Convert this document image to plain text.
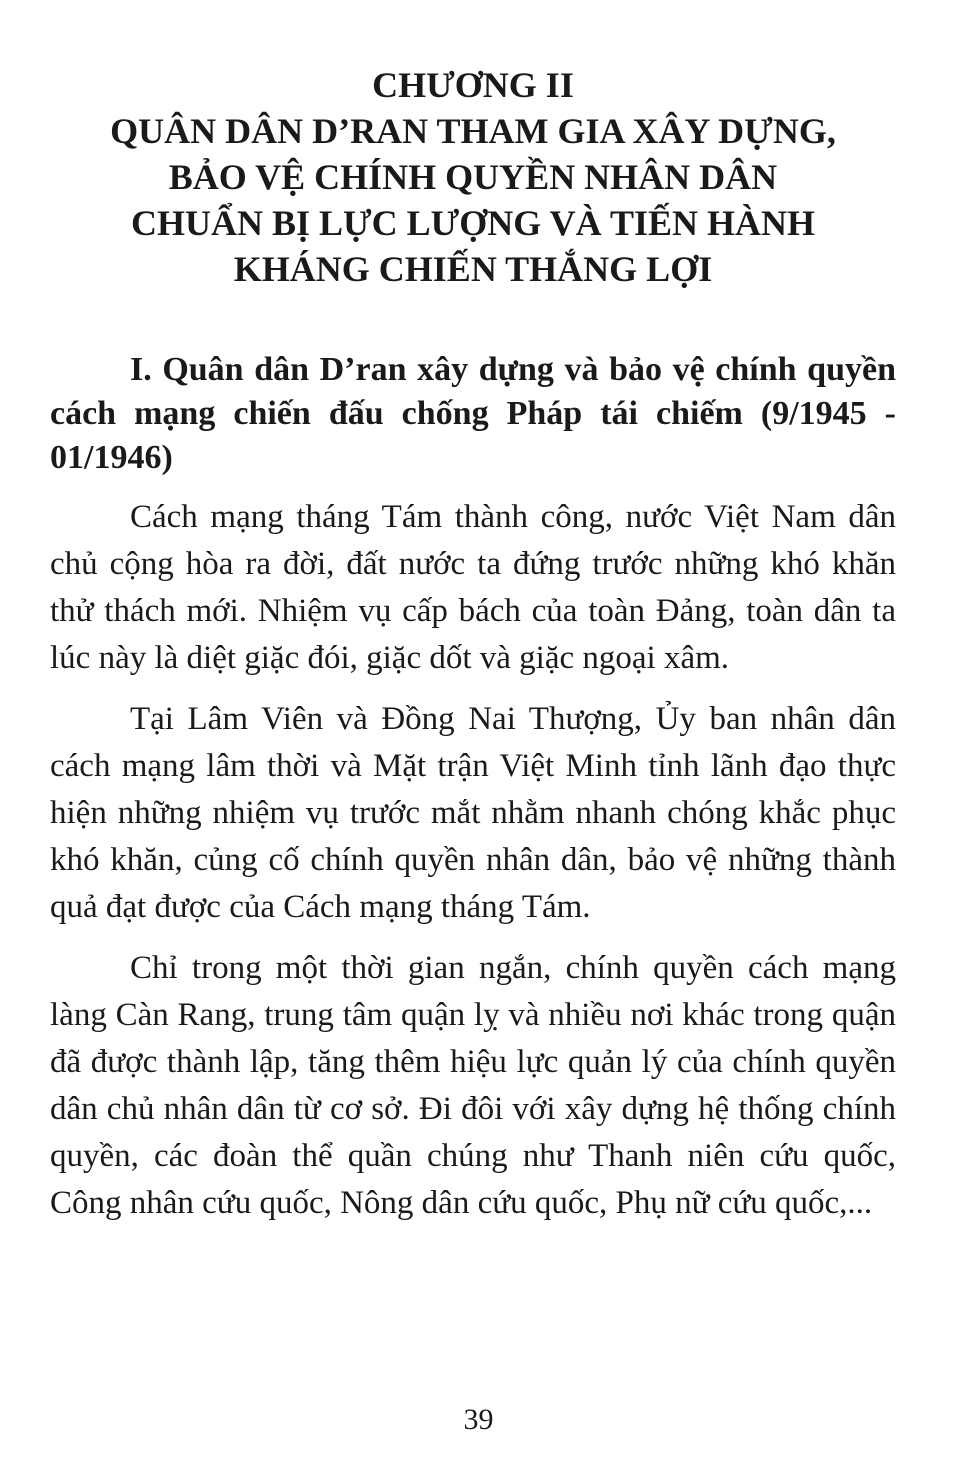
CHƯƠNG II
QUÂN DÂN D’RAN THAM GIA XÂY DỰNG,
BẢO VỆ CHÍNH QUYỀN NHÂN DÂN
CHUẨN BỊ LỰC LƯỢNG VÀ TIẾN HÀNH
KHÁNG CHIẾN THẮNG LỢI
I. Quân dân D’ran xây dựng và bảo vệ chính quyền cách mạng chiến đấu chống Pháp tái chiếm (9/1945 - 01/1946)

Cách mạng tháng Tám thành công, nước Việt Nam dân chủ cộng hòa ra đời, đất nước ta đứng trước những khó khăn thử thách mới. Nhiệm vụ cấp bách của toàn Đảng, toàn dân ta lúc này là diệt giặc đói, giặc dốt và giặc ngoại xâm.

Tại Lâm Viên và Đồng Nai Thượng, Ủy ban nhân dân cách mạng lâm thời và Mặt trận Việt Minh tỉnh lãnh đạo thực hiện những nhiệm vụ trước mắt nhằm nhanh chóng khắc phục khó khăn, củng cố chính quyền nhân dân, bảo vệ những thành quả đạt được của Cách mạng tháng Tám.

Chỉ trong một thời gian ngắn, chính quyền cách mạng làng Càn Rang, trung tâm quận lỵ và nhiều nơi khác trong quận đã được thành lập, tăng thêm hiệu lực quản lý của chính quyền dân chủ nhân dân từ cơ sở. Đi đôi với xây dựng hệ thống chính quyền, các đoàn thể quần chúng như Thanh niên cứu quốc, Công nhân cứu quốc, Nông dân cứu quốc, Phụ nữ cứu quốc,...

39
